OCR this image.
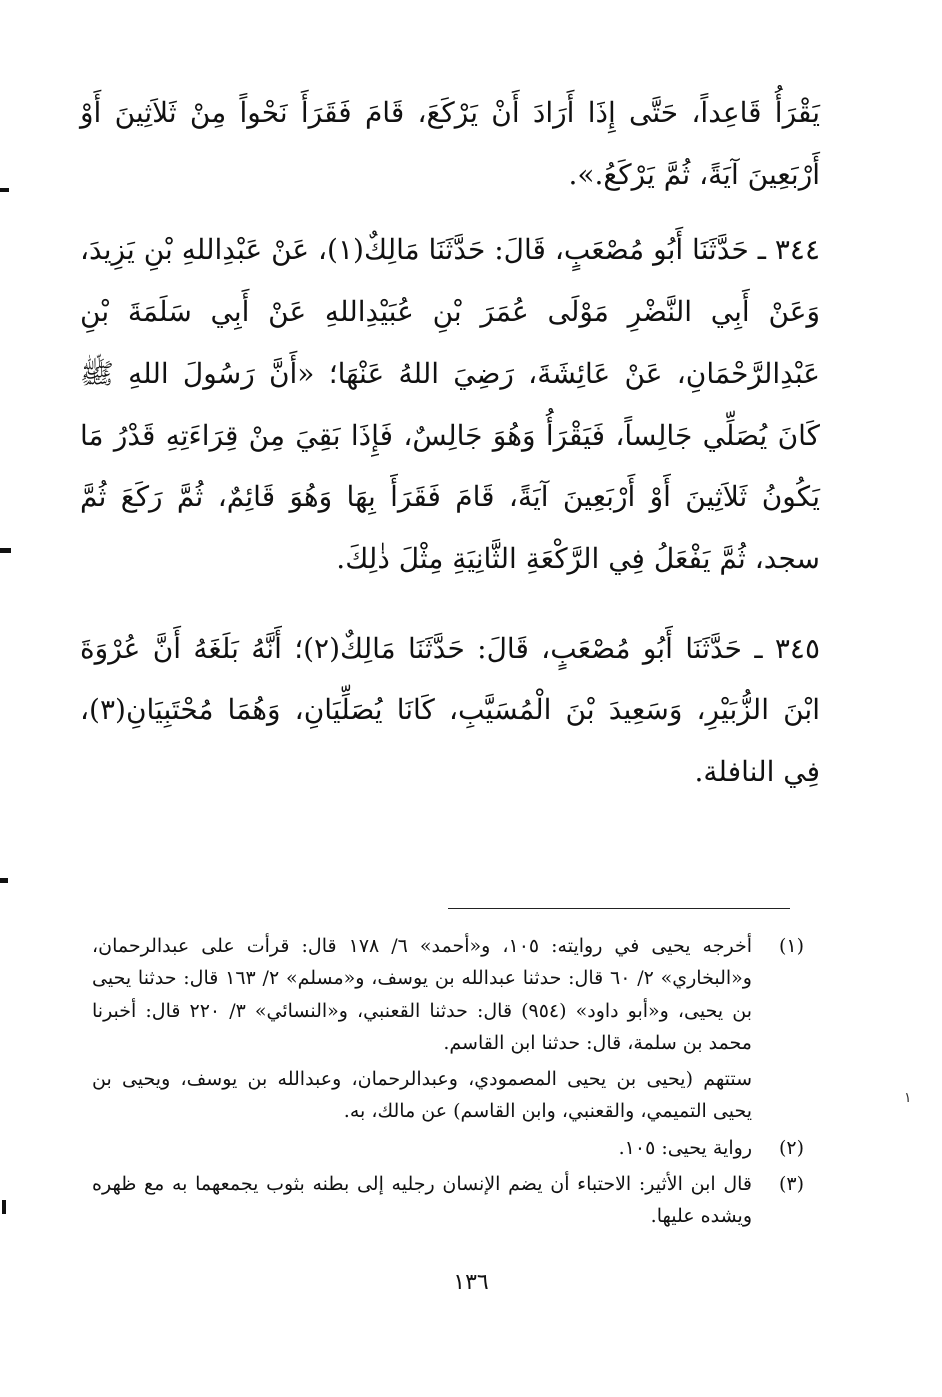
يَقْرَأُ قَاعِداً، حَتَّى إِذَا أَرَادَ أَنْ يَرْكَعَ، قَامَ فَقَرَأَ نَحْواً مِنْ ثَلاَثِينَ أَوْ أَرْبَعِينَ آيَةً، ثُمَّ يَرْكَعُ.».

٣٤٤ ـ حَدَّثَنَا أَبُو مُصْعَبٍ، قَالَ: حَدَّثَنَا مَالِكٌ(١)، عَنْ عَبْدِاللهِ بْنِ يَزِيدَ، وَعَنْ أَبِي النَّضْرِ مَوْلَى عُمَرَ بْنِ عُبَيْدِاللهِ عَنْ أَبِي سَلَمَةَ بْنِ عَبْدِالرَّحْمَانِ، عَنْ عَائِشَةَ، رَضِيَ اللهُ عَنْهَا؛ «أَنَّ رَسُولَ اللهِ ﷺ كَانَ يُصَلِّي جَالِساً، فَيَقْرَأُ وَهُوَ جَالِسٌ، فَإِذَا بَقِيَ مِنْ قِرَاءَتِهِ قَدْرُ مَا يَكُونُ ثَلاَثِينَ أَوْ أَرْبَعِينَ آيَةً، قَامَ فَقَرَأَ بِهَا وَهُوَ قَائِمٌ، ثُمَّ رَكَعَ ثُمَّ سجد، ثُمَّ يَفْعَلُ فِي الرَّكْعَةِ الثَّانِيَةِ مِثْلَ ذٰلِكَ.

٣٤٥ ـ حَدَّثَنَا أَبُو مُصْعَبٍ، قَالَ: حَدَّثَنَا مَالِكٌ(٢)؛ أَنَّهُ بَلَغَهُ أَنَّ عُرْوَةَ ابْنَ الزُّبَيْرِ، وَسَعِيدَ بْنَ الْمُسَيَّبِ، كَانَا يُصَلِّيَانِ، وَهُمَا مُحْتَبِيَانِ(٣)، فِي النافلة.

(١)

أخرجه يحيى في روايته: ١٠٥، و«أحمد» ٦/ ١٧٨ قال: قرأت على عبدالرحمان، و«البخاري» ٢/ ٦٠ قال: حدثنا عبدالله بن يوسف، و«مسلم» ٢/ ١٦٣ قال: حدثنا يحيى بن يحيى، و«أبو داود» (٩٥٤) قال: حدثنا القعنبي، و«النسائي» ٣/ ٢٢٠ قال: أخبرنا محمد بن سلمة، قال: حدثنا ابن القاسم.

ستتهم (يحيى بن يحيى المصمودي، وعبدالرحمان، وعبدالله بن يوسف، ويحيى بن يحيى التميمي، والقعنبي، وابن القاسم) عن مالك، به.

(٢)

رواية يحيى: ١٠٥.

(٣)

قال ابن الأثير: الاحتباء أن يضم الإنسان رجليه إلى بطنه بثوب يجمعهما به مع ظهره ويشده عليها.

١
١٣٦
